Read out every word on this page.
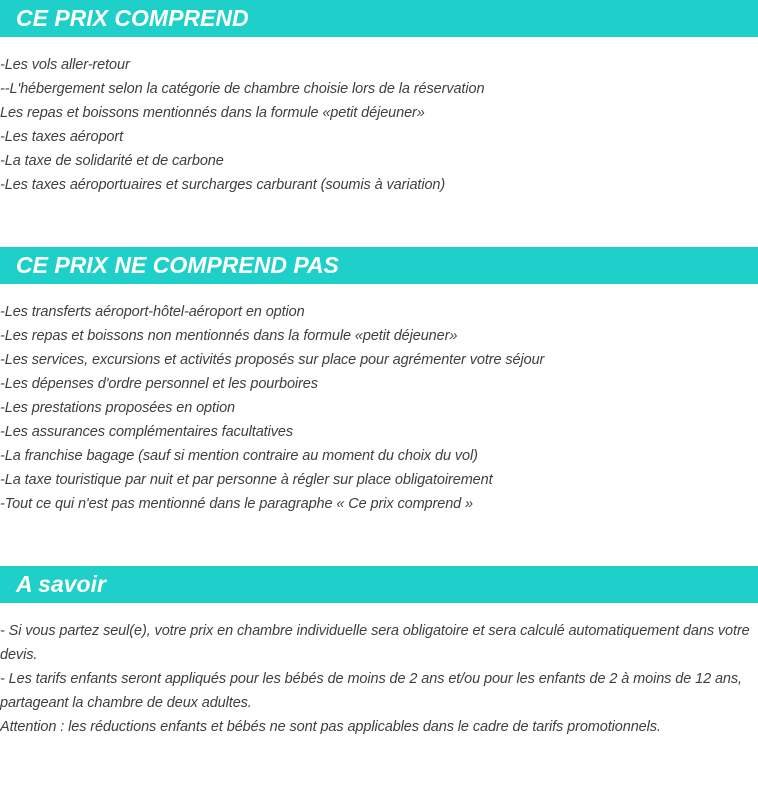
CE PRIX COMPREND
-Les vols aller-retour
--L'hébergement selon la catégorie de chambre choisie lors de la réservation
Les repas et boissons mentionnés dans la formule «petit déjeuner»
-Les taxes aéroport
-La taxe de solidarité et de carbone
-Les taxes aéroportuaires et surcharges carburant (soumis à variation)
CE PRIX NE COMPREND PAS
-Les transferts aéroport-hôtel-aéroport en option
-Les repas et boissons non mentionnés dans la formule «petit déjeuner»
-Les services, excursions et activités proposés sur place pour agrémenter votre séjour
-Les dépenses d'ordre personnel et les pourboires
-Les prestations proposées en option
-Les assurances complémentaires facultatives
-La franchise bagage (sauf si mention contraire au moment du choix du vol)
-La taxe touristique par nuit et par personne à régler sur place obligatoirement
-Tout ce qui n'est pas mentionné dans le paragraphe « Ce prix comprend »
A savoir
- Si vous partez seul(e), votre prix en chambre individuelle sera obligatoire et sera calculé automatiquement dans votre devis.
- Les tarifs enfants seront appliqués pour les bébés de moins de 2 ans et/ou pour les enfants de 2 à moins de 12 ans, partageant la chambre de deux adultes.
Attention : les réductions enfants et bébés ne sont pas applicables dans le cadre de tarifs promotionnels.
